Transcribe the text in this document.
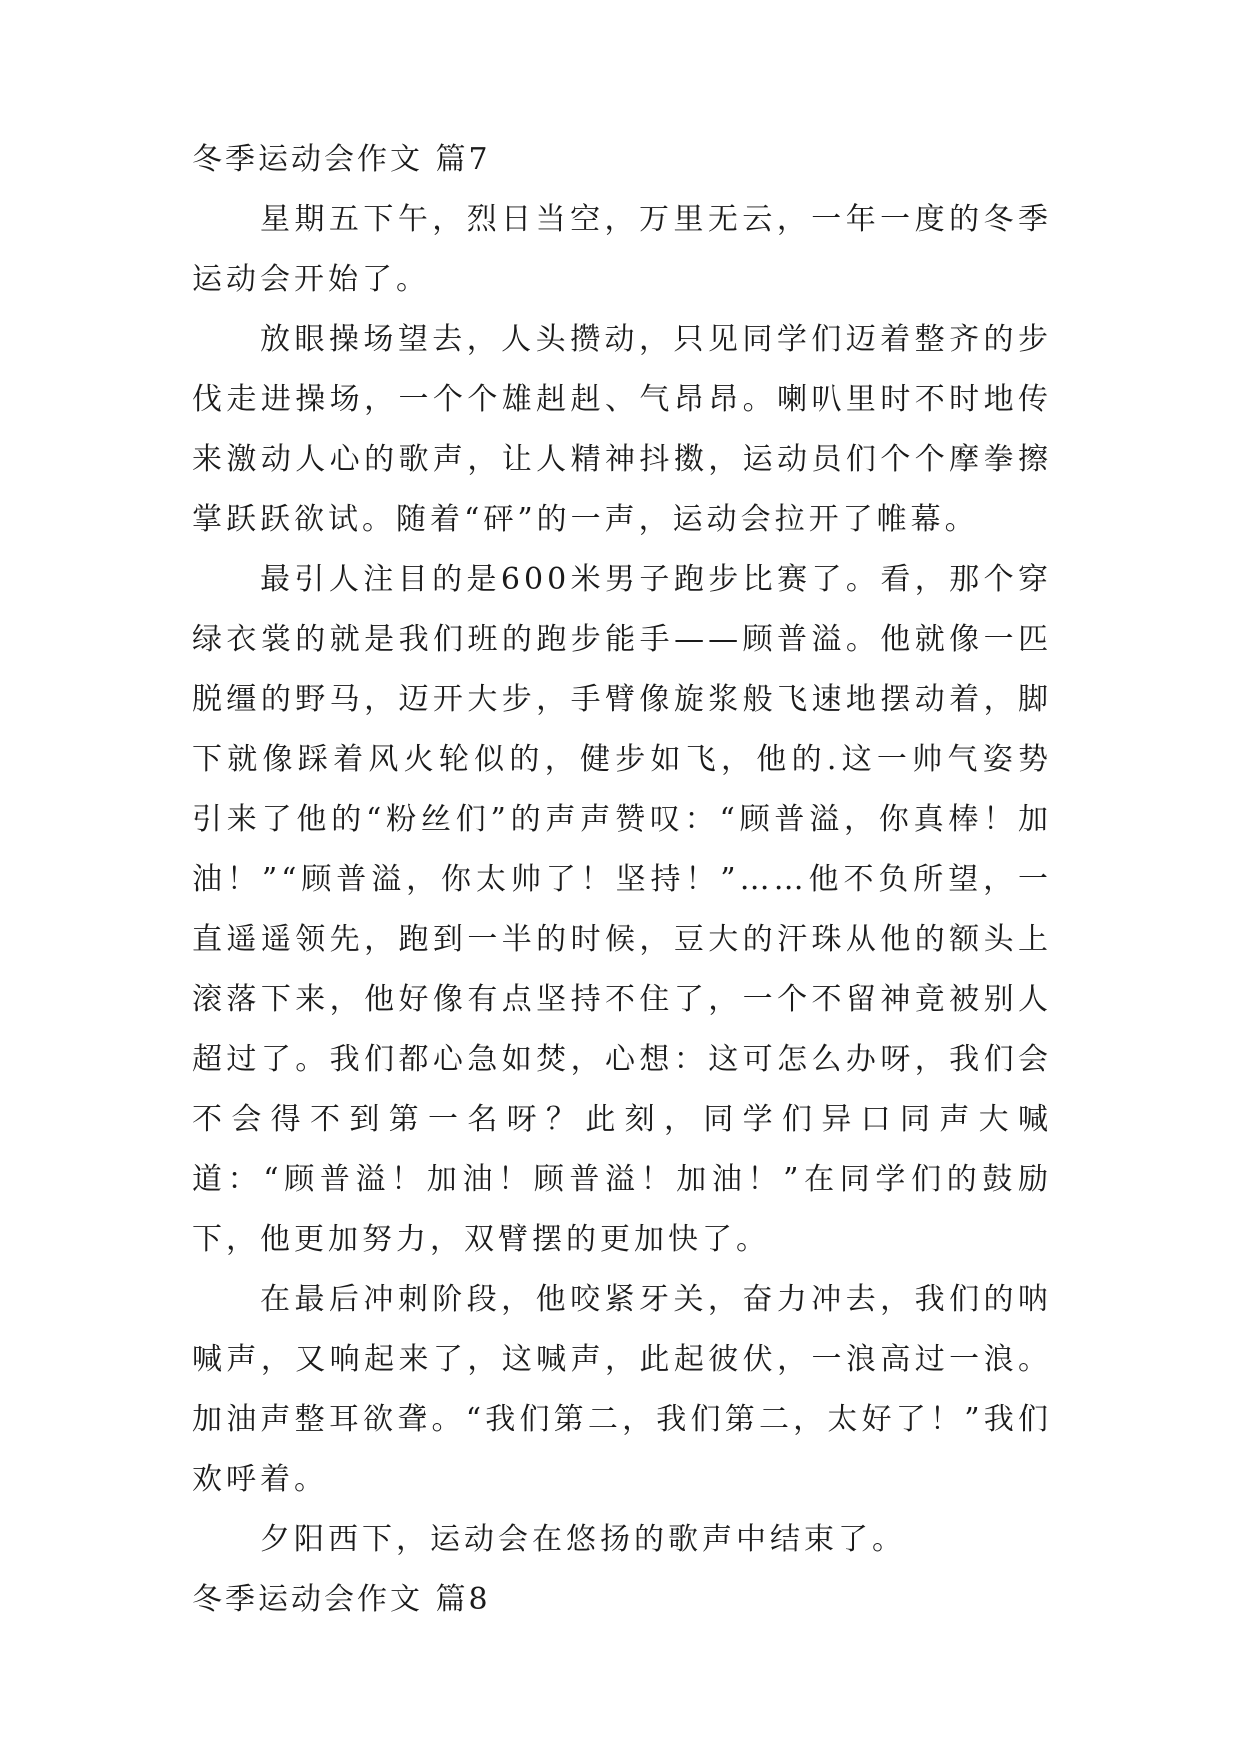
冬季运动会作文 篇7

星期五下午，烈日当空，万里无云，一年一度的冬季运动会开始了。

放眼操场望去，人头攒动，只见同学们迈着整齐的步伐走进操场，一个个雄赳赳、气昂昂。喇叭里时不时地传来激动人心的歌声，让人精神抖擞，运动员们个个摩拳擦掌跃跃欲试。随着“砰”的一声，运动会拉开了帷幕。

最引人注目的是600米男子跑步比赛了。看，那个穿绿衣裳的就是我们班的跑步能手——顾普溢。他就像一匹脱缰的野马，迈开大步，手臂像旋浆般飞速地摆动着，脚下就像踩着风火轮似的，健步如飞，他的.这一帅气姿势引来了他的“粉丝们”的声声赞叹：“顾普溢，你真棒！加油！”“顾普溢，你太帅了！坚持！”……他不负所望，一直遥遥领先，跑到一半的时候，豆大的汗珠从他的额头上滚落下来，他好像有点坚持不住了，一个不留神竟被别人超过了。我们都心急如焚，心想：这可怎么办呀，我们会不会得不到第一名呀？此刻，同学们异口同声大喊道：“顾普溢！加油！顾普溢！加油！”在同学们的鼓励下，他更加努力，双臂摆的更加快了。

在最后冲刺阶段，他咬紧牙关，奋力冲去，我们的呐喊声，又响起来了，这喊声，此起彼伏，一浪高过一浪。加油声整耳欲聋。“我们第二，我们第二，太好了！”我们欢呼着。

夕阳西下，运动会在悠扬的歌声中结束了。

冬季运动会作文 篇8
